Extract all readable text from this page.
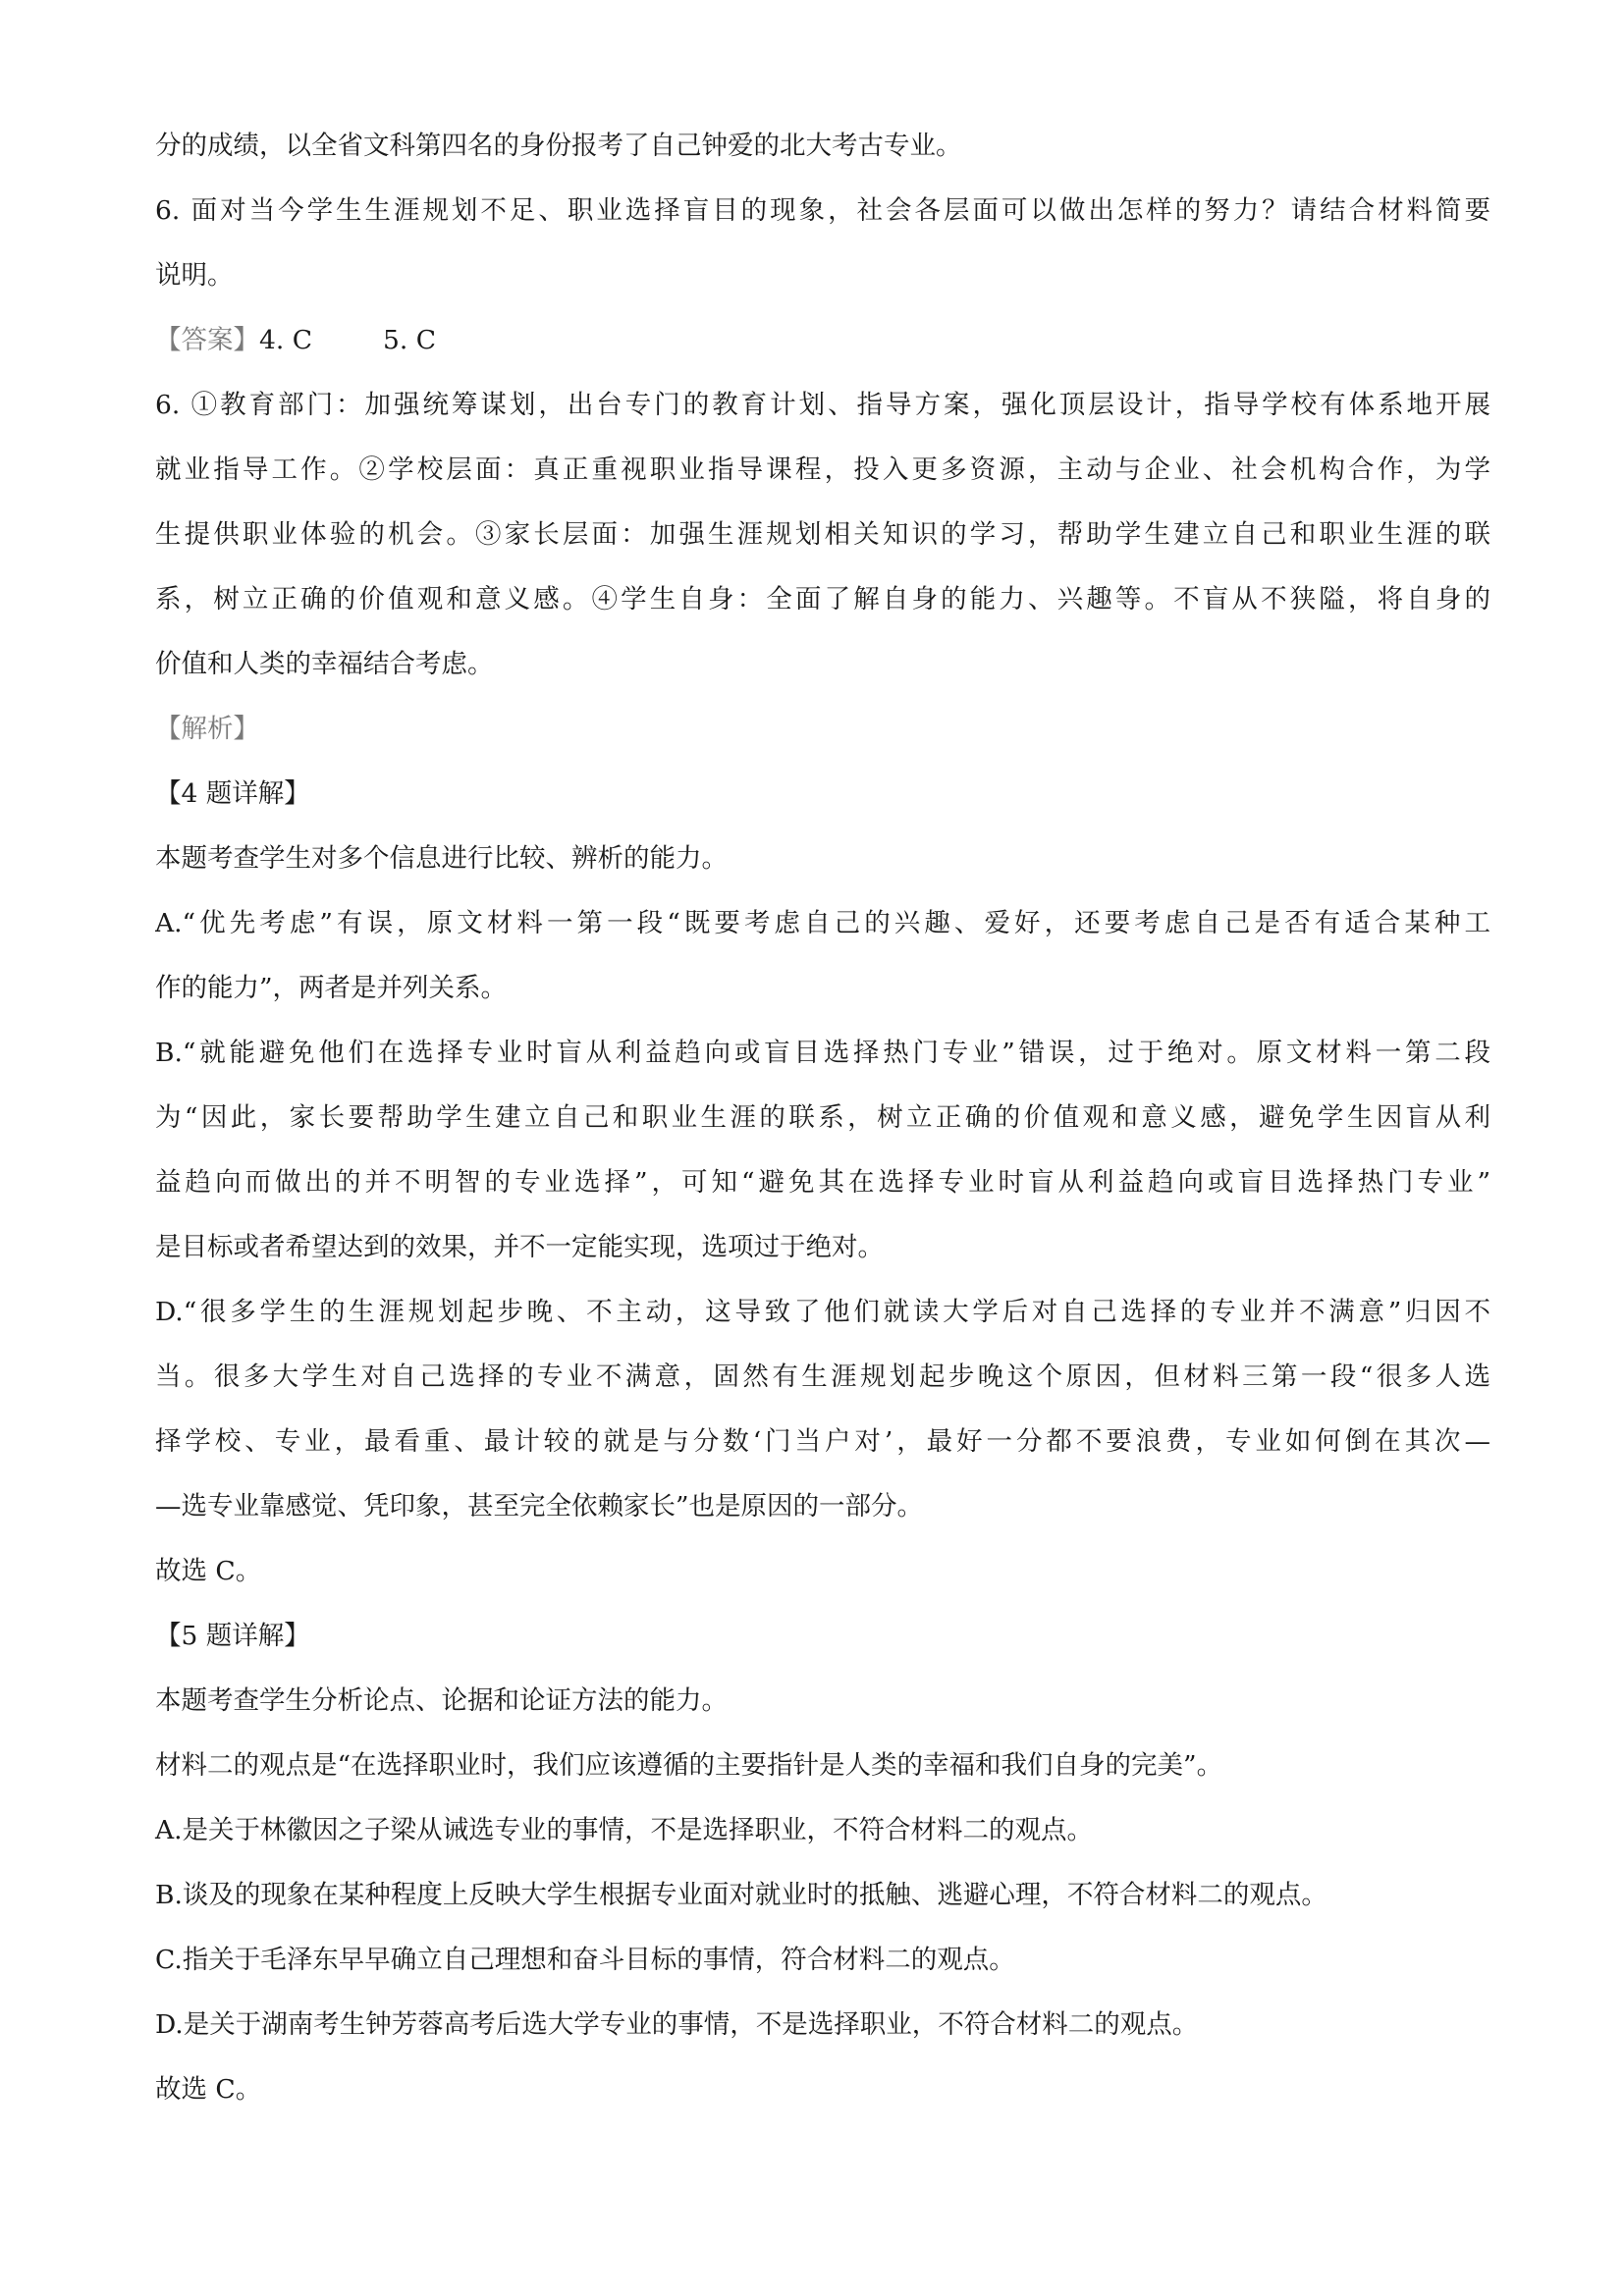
分的成绩，以全省文科第四名的身份报考了自己钟爱的北大考古专业。
6. 面对当今学生生涯规划不足、职业选择盲目的现象，社会各层面可以做出怎样的努力？请结合材料简要
说明。
【答案】4. C	5. C
6. ①教育部门：加强统筹谋划，出台专门的教育计划、指导方案，强化顶层设计，指导学校有体系地开展
就业指导工作。②学校层面：真正重视职业指导课程，投入更多资源，主动与企业、社会机构合作，为学
生提供职业体验的机会。③家长层面：加强生涯规划相关知识的学习，帮助学生建立自己和职业生涯的联
系，树立正确的价值观和意义感。④学生自身：全面了解自身的能力、兴趣等。不盲从不狭隘，将自身的
价值和人类的幸福结合考虑。
【解析】
【4 题详解】
本题考查学生对多个信息进行比较、辨析的能力。
A.“优先考虑”有误，原文材料一第一段“既要考虑自己的兴趣、爱好，还要考虑自己是否有适合某种工
作的能力”，两者是并列关系。
B.“就能避免他们在选择专业时盲从利益趋向或盲目选择热门专业”错误，过于绝对。原文材料一第二段
为“因此，家长要帮助学生建立自己和职业生涯的联系，树立正确的价值观和意义感，避免学生因盲从利
益趋向而做出的并不明智的专业选择”，可知“避免其在选择专业时盲从利益趋向或盲目选择热门专业”
是目标或者希望达到的效果，并不一定能实现，选项过于绝对。
D.“很多学生的生涯规划起步晚、不主动，这导致了他们就读大学后对自己选择的专业并不满意”归因不
当。很多大学生对自己选择的专业不满意，固然有生涯规划起步晚这个原因，但材料三第一段“很多人选
择学校、专业，最看重、最计较的就是与分数‘门当户对’，最好一分都不要浪费，专业如何倒在其次—
—选专业靠感觉、凭印象，甚至完全依赖家长”也是原因的一部分。
故选 C。
【5 题详解】
本题考查学生分析论点、论据和论证方法的能力。
材料二的观点是“在选择职业时，我们应该遵循的主要指针是人类的幸福和我们自身的完美”。
A.是关于林徽因之子梁从诫选专业的事情，不是选择职业，不符合材料二的观点。
B.谈及的现象在某种程度上反映大学生根据专业面对就业时的抵触、逃避心理，不符合材料二的观点。
C.指关于毛泽东早早确立自己理想和奋斗目标的事情，符合材料二的观点。
D.是关于湖南考生钟芳蓉高考后选大学专业的事情，不是选择职业，不符合材料二的观点。
故选 C。
